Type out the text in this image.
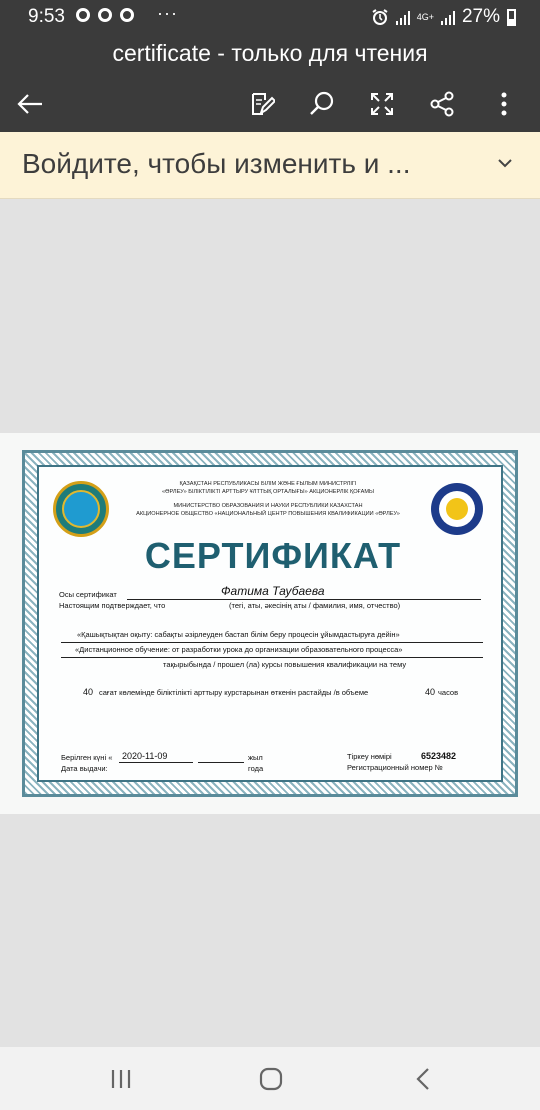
9:53	···	4G+ 27%
certificate - только для чтения
Войдите, чтобы изменить и ...
ҚАЗАҚСТАН РЕСПУБЛИКАСЫ БІЛІМ ЖӘНЕ ҒЫЛЫМ МИНИСТРЛІГІ
«ӨРЛЕУ» БІЛІКТІЛІКТІ АРТТЫРУ ҰЛТТЫҚ ОРТАЛЫҒЫ» АКЦИОНЕРЛІК ҚОҒАМЫ
МИНИСТЕРСТВО ОБРАЗОВАНИЯ И НАУКИ РЕСПУБЛИКИ КАЗАХСТАН
АКЦИОНЕРНОЕ ОБЩЕСТВО «НАЦИОНАЛЬНЫЙ ЦЕНТР ПОВЫШЕНИЯ КВАЛИФИКАЦИИ «ӨРЛЕУ»
СЕРТИФИКАТ
Осы сертификат	Фатима Таубаева
Настоящим подтверждает, что	(тегі, аты, әкесінің аты / фамилия, имя, отчество)
«Қашықтықтан оқыту: сабақты әзірлеуден бастап білім беру процесін ұйымдастыруға дейін»
«Дистанционное обучение: от разработки урока до организации образовательного процесса»
тақырыбында / прошел (ла) курсы повышения квалификации на тему
40 сағат көлемінде біліктілікті арттыру курстарынан өткенін растайды /в объеме	40 часов
Берілген күні « 2020-11-09	жыл
Дата выдачи:	года
Тіркеу нөмірі	6523482
Регистрационный номер №
